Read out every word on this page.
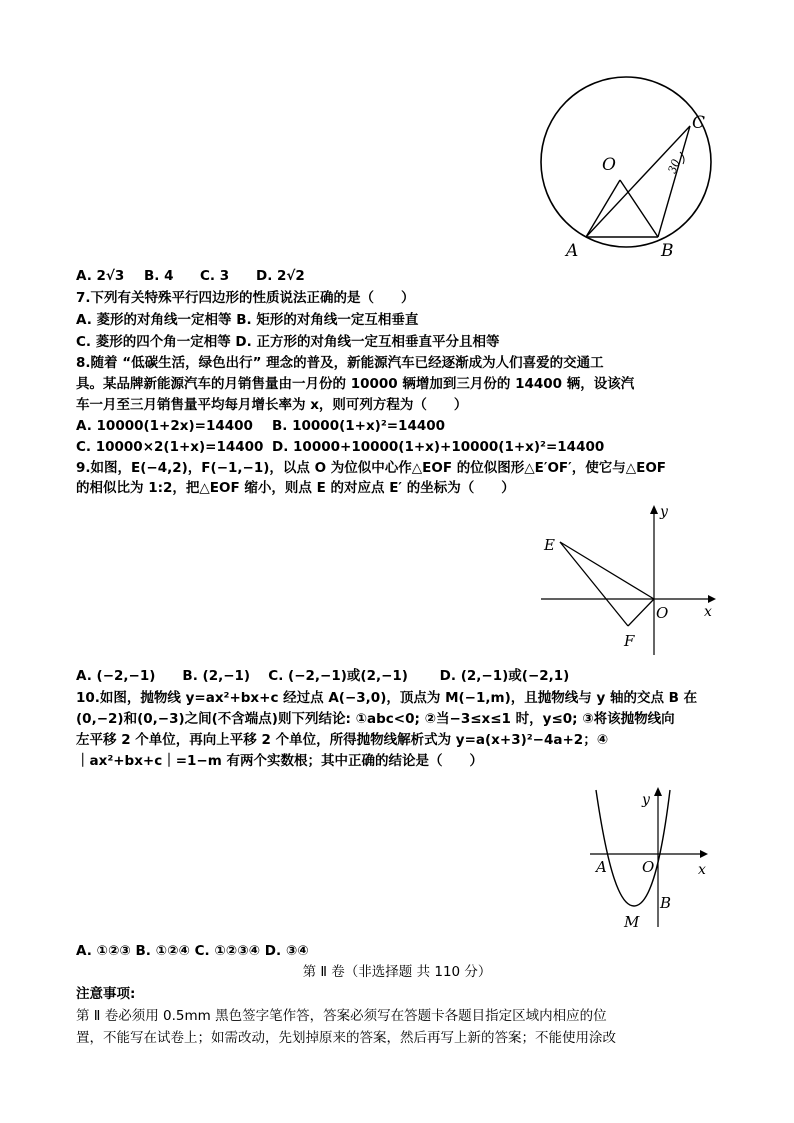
O
C
A	B
30
A. 2√3 B. 4 C. 3 D. 2√2
7.下列有关特殊平行四边形的性质说法正确的是（　　）
A. 菱形的对角线一定相等 B. 矩形的对角线一定互相垂直
C. 菱形的四个角一定相等 D. 正方形的对角线一定互相垂直平分且相等
8.随着 “低碳生活，绿色出行” 理念的普及，新能源汽车已经逐渐成为人们喜爱的交通工
具。某品牌新能源汽车的月销售量由一月份的 10000 辆增加到三月份的 14400 辆，设该汽
车一月至三月销售量平均每月增长率为 x，则可列方程为（　　）
A. 10000(1+2x)=14400 B. 10000(1+x)²=14400
C. 10000×2(1+x)=14400 D. 10000+10000(1+x)+10000(1+x)²=14400
9.如图，E(−4,2)，F(−1,−1)，以点 O 为位似中心作△EOF 的位似图形△E′OF′，使它与△EOF
的相似比为 1:2，把△EOF 缩小，则点 E 的对应点 E′ 的坐标为（　　）
E
F
O	x
y
A. (−2,−1)　　B. (2,−1)　 C. (−2,−1)或(2,−1)　　 D. (2,−1)或(−2,1)
10.如图，抛物线 y=ax²+bx+c 经过点 A(−3,0)，顶点为 M(−1,m)，且抛物线与 y 轴的交点 B 在
(0,−2)和(0,−3)之间(不含端点)则下列结论: ①abc<0; ②当−3≤x≤1 时，y≤0; ③将该抛物线向
左平移 2 个单位，再向上平移 2 个单位，所得抛物线解析式为 y=a(x+3)²−4a+2；④
｜ax²+bx+c｜=1−m 有两个实数根；其中正确的结论是（　　）
y
x
A O
B
M
A. ①②③ B. ①②④ C. ①②③④ D. ③④
第 Ⅱ 卷（非选择题 共 110 分）
注意事项:
第 Ⅱ 卷必须用 0.5mm 黑色签字笔作答，答案必须写在答题卡各题目指定区域内相应的位
置，不能写在试卷上；如需改动，先划掉原来的答案，然后再写上新的答案；不能使用涂改
